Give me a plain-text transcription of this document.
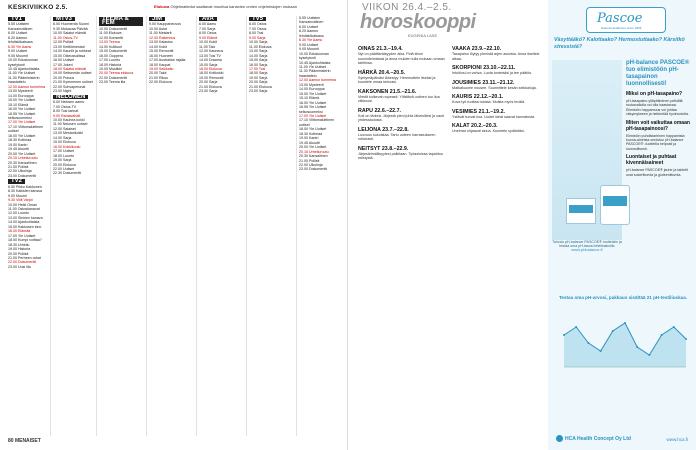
KESKIVIIKKO 2.5.	Elokuva Ohjelmatiedot saattavat muuttua kanavien omien ohjelmistojen mukaan
TV1
5.55 Uutisten Kansainvälinen
6.00 Uutiset
6.20 Aamun lehdistökatsaus
6.30 Yle Aamu
9.00 Uutiset
9.05 Muumit
10.00 Eduskunnan kyselytunti
10.45 Ajankohtaista
11.00 Yle Uutiset
11.30 Pääministerin haastattelu
12.00 Aamun tunnelma
13.00 Mysteerit
14.00 Eurooppa
15.00 Yle Uutiset
15.10 Elämä
16.00 Yle Uutiset
16.55 Yle Uutiset selkosuomeksi
17.00 Yle Uutiset
17.10 Viittomakielinen uutiset
18.00 Yle Uutiset
18.30 Kotimaa
19.00 Kantri
19.45 Akuutti
20.00 Yle Uutiset
20.15 Urheiluruutu
20.30 Kansallinen
21.00 Poliisit
22.00 Ulkolinja
23.00 Dokumentti
TV2
6.50 Pikku Kakkonen
8.30 Kaikkien kanssa
9.00 Muumi
9.30 Villit Varjot
10.00 Hetki Oman
11.00 Ostoskanavat
12.00 Luonto
13.00 Sininen kanava
14.00 Ajankohtaista
15.00 Kakkosen kino
16.00 Elämää
17.00 Yle Uutiset
18.00 Kumpi voittaa?
18.30 Urheilu
19.00 Historia
20.00 Poliisit
21.00 Perheen rahat
22.00 Dokumentti
23.00 Uusi ilta
MTV3
6.00 Huomenta Suomi
9.30 Mukavaa Päivää
10.00 Salatut elämät
11.00 Ostos-TV
12.00 Poliisit
13.00 Keittiömestari
14.00 Kauniit ja rohkeat
15.00 Oikeussalissa
16.00 Uutiset
17.00 Jokeri
18.00 Salatut elämät
19.00 Seitsemän uutiset
20.00 Putous
21.00 Kymmenen uutiset
22.00 Sohvaperunat
23.00 Night
NELONEN
6.00 Nelosen aamu
7.00 Ostos-TV
8.00 Tosi tarinat
9.00 Rantavahdit
10.00 Kauhea kokki
11.00 Nelosen uutiset
12.00 Salaiset
13.00 Mestarikokki
14.00 Sarja
15.00 Elokuva
16.00 Kokkikoulu
17.00 Uutiset
18.00 Luonto
19.00 Sarja
20.00 Elokuva
22.00 Uutiset
22.30 Dokumentti
TEEMA & FEM
10.00 Dokumentti
11.00 Elokuva
12.00 Konsertti
13.00 Teema
14.00 Kulttuuri
15.00 Dokumentti
16.00 Ooppera
17.00 Luonto
18.00 Historia
19.00 Musiikki
20.00 Teema elokuva
22.00 Dokumentti
23.00 Teema ilta
JIM
9.00 Kauppaneuvos
10.00 Autot
11.00 Mestarit
12.00 Rakennus
13.00 Kalastus
14.00 Kokit
15.00 Remontit
16.00 Huoneet
17.00 Australian rajalla
18.00 Kaupat
19.00 Seikkailu
20.00 Talot
21.00 Rikos
22.00 Elokuva
AVA
6.00 Aamu
7.00 Sarja
8.00 Ostos
9.00 Elämä
10.00 Kokit
11.00 Talo
12.00 Kauneus
13.00 Tosi TV
14.00 Draama
15.00 Sarja
16.00 Elokuva
18.00 Kotikokki
19.00 Remontti
20.00 Sarja
21.00 Elokuva
23.00 Sarja
TV5
6.00 Ostos
7.00 Ostos
8.00 Tosi
9.00 Sarja
10.00 Sarja
11.00 Elokuva
13.00 Sarja
14.00 Sarja
15.00 Sarja
16.00 Sarja
17.00 Tosi
18.00 Sarja
19.00 Sarja
20.00 Sarja
21.00 Elokuva
23.00 Sarja
5.55 Uutisten Kansainvälinen
6.00 Uutiset
6.20 Aamun lehdistökatsaus
6.30 Yle Aamu
9.00 Uutiset
9.05 Muumit
10.00 Eduskunnan kyselytunti
10.45 Ajankohtaista
11.00 Yle Uutiset
11.30 Pääministerin haastattelu
12.00 Aamun tunnelma
13.00 Mysteerit
14.00 Eurooppa
15.00 Yle Uutiset
15.10 Elämä
16.00 Yle Uutiset
16.55 Yle Uutiset selkosuomeksi
17.00 Yle Uutiset
17.10 Viittomakielinen uutiset
18.00 Yle Uutiset
18.30 Kotimaa
19.00 Kantri
19.45 Akuutti
20.00 Yle Uutiset
20.15 Urheiluruutu
20.30 Kansallinen
21.00 Poliisit
22.00 Ulkolinja
23.00 Dokumentti
80 MENAISET
VIIKON 26.4.–2.5.
horoskooppi
EUGENIA LASE
OINAS 21.3.–19.4.

Nyt on päättäväisyyden aika. Pidä kiinni suunnitelmistasi ja anna muiden tulla mukaan omaan tahtiinsa.

HÄRKÄ 20.4.–20.5.

Syntymäpäiväsi lähestyy. Hemmottele itseäsi ja kuuntele omaa kehoasi.

KAKSONEN 21.5.–21.6.

Viestit kulkevat nopeasti. Yllättävä uutinen tuo iloa viikkoosi.

RAPU 22.6.–22.7.

Koti on tärkeä. Järjestä pieni juhla läheisillesi ja nauti yhdessäolosta.

LEIJONA 23.7.–22.8.

Luovuus kukoistaa. Tartu uuteen harrastukseen rohkeasti.

NEITSYT 23.8.–22.9.

Järjestelmällisyytesi palkitaan. Työasioissa tapahtuu edistystä.

VAAKA 23.9.–22.10.

Tasapaino löytyy pienistä arjen asioista. Anna itsellesi aikaa.

SKORPIONI 23.10.–22.11.

Intuitiosi on vahva. Luota tunteisiisi ja tee päätös.

JOUSIMIES 23.11.–21.12.

Matkakuume nousee. Suunnittele kesän seikkailuja.

KAURIS 22.12.–20.1.

Kova työ tuottaa tulosta. Muista myös levätä.

VESIMIES 21.1.–19.2.

Ystävät tuovat iloa. Uudet ideat saavat kannatusta.

KALAT 20.2.–20.3.

Unelmat ohjaavat sinua. Kuuntele sydäntäsi.

Pascoe
Natural Healthcare since 1895
Väsyttääkö? Kalottaako? Hermostuttaako? Kärsitkö stressistä?
Tutustu pH-balance PASCOE® tuotteisiin ja testaa oma pH-tasosi testiliuskoilla
www.phbalance.fi
pH-balance PASCOE® tuo elimistöön pH-tasapainon luonnollisesti!
Miksi on pH-tasapaino?

pH-tasapaino ylläpitäminen pelkällä ruokavaliolla voi olla haastavaa. Elimistön happamuus voi johtaa väsymykseen ja heikentää hyvinvointia.

Miten voit vaikuttaa omaan pH-tasapainoosi?

Elimistön puhdistaminen happamista kuona-aineista onnistuu pH-balance PASCOE® -tuotteilla helposti ja luonnollisesti.

Luontaiset ja puhtaat kivennäisaineet

pH-balance PASCOE® jauhe ja tabletit ovat sokerittomia ja gluteenittomia.

Testaa oma pH-arvosi, pakkaus sisältää 21 pH-testiliuskaa.
HCA Health Concept Oy Ltd	www.hca.fi
